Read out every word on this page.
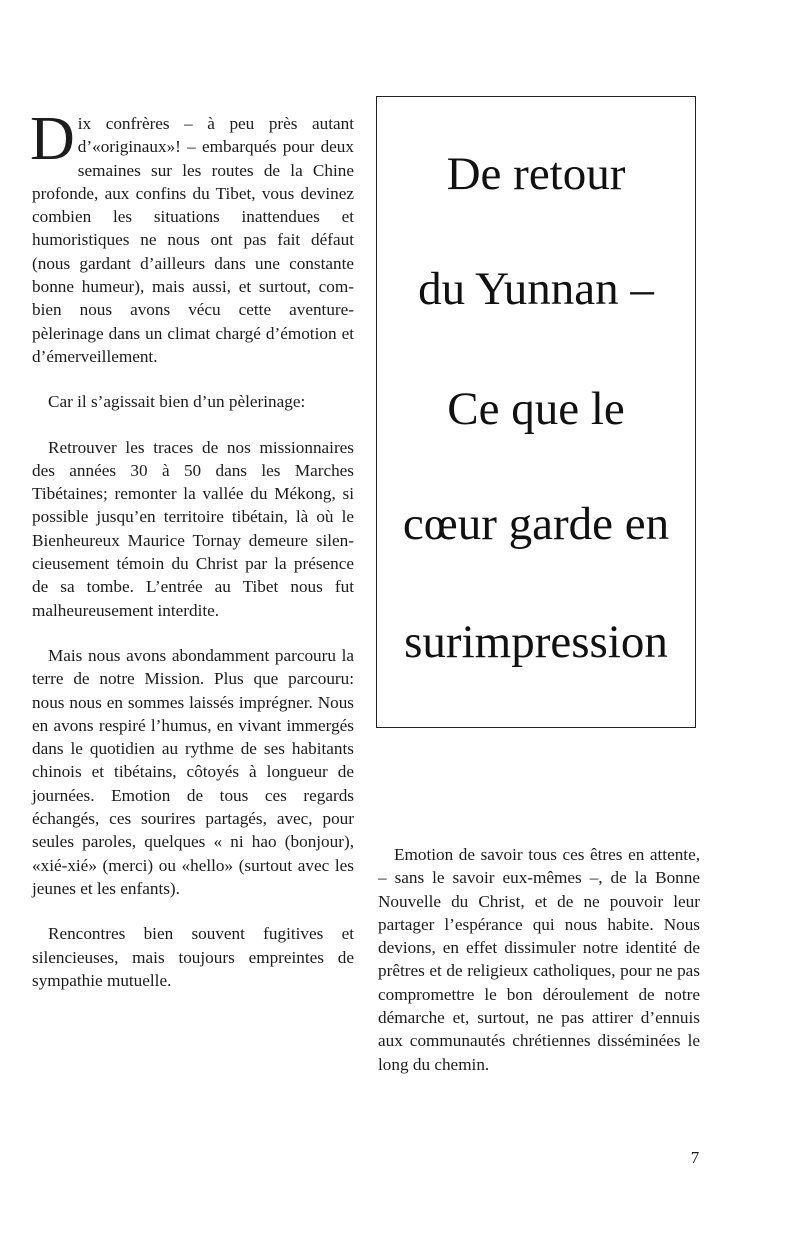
Dix confrères – à peu près autant d’«originaux»! – embarqués pour deux semaines sur les routes de la Chine profonde, aux confins du Tibet, vous devinez combien les situations inattendues et humoristiques ne nous ont pas fait défaut (nous gardant d’ailleurs dans une constante bonne humeur), mais aussi, et surtout, combien nous avons vécu cette aventure-pèlerinage dans un climat chargé d’émotion et d’émerveillement.

Car il s’agissait bien d’un pèlerinage:

Retrouver les traces de nos missionnaires des années 30 à 50 dans les Marches Tibétaines; remonter la vallée du Mékong, si possible jusqu’en territoire tibétain, là où le Bienheureux Maurice Tornay demeure silencieusement témoin du Christ par la présence de sa tombe. L’entrée au Tibet nous fut malheureusement interdite.

Mais nous avons abondamment parcouru la terre de notre Mission. Plus que parcouru: nous nous en sommes laissés imprégner. Nous en avons respiré l’humus, en vivant immergés dans le quotidien au rythme de ses habitants chinois et tibétains, côtoyés à longueur de journées. Emotion de tous ces regards échangés, ces sourires partagés, avec, pour seules paroles, quelques « ni hao (bonjour), «xié-xié» (merci) ou «hello» (surtout avec les jeunes et les enfants).

Rencontres bien souvent fugitives et silencieuses, mais toujours empreintes de sympathie mutuelle.

De retour
du Yunnan –
Ce que le
cœur garde en
surimpression

Emotion de savoir tous ces êtres en attente, – sans le savoir eux-mêmes –, de la Bonne Nouvelle du Christ, et de ne pouvoir leur partager l’espérance qui nous habite. Nous devions, en effet dissimuler notre identité de prêtres et de religieux catholiques, pour ne pas compromettre le bon déroulement de notre démarche et, surtout, ne pas attirer d’ennuis aux communautés chrétiennes disséminées le long du chemin.

7
